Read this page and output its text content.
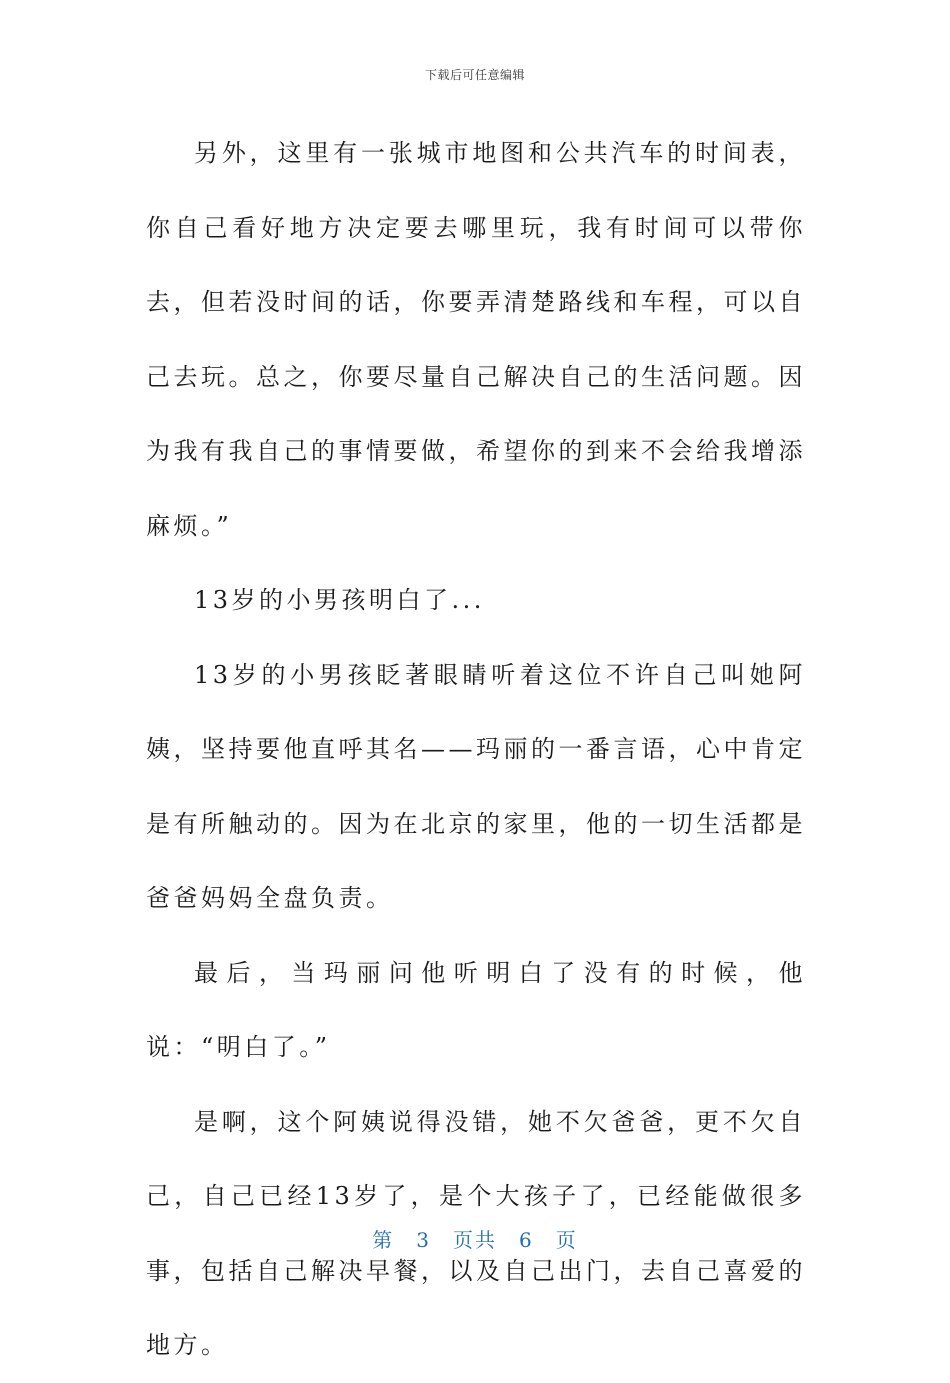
下载后可任意编辑

另外，这里有一张城市地图和公共汽车的时间表，你自己看好地方决定要去哪里玩，我有时间可以带你去，但若没时间的话，你要弄清楚路线和车程，可以自己去玩。总之，你要尽量自己解决自己的生活问题。因为我有我自己的事情要做，希望你的到来不会给我增添麻烦。”

13岁的小男孩明白了...

13岁的小男孩眨著眼睛听着这位不许自己叫她阿姨，坚持要他直呼其名——玛丽的一番言语，心中肯定是有所触动的。因为在北京的家里，他的一切生活都是爸爸妈妈全盘负责。

最后，当玛丽问他听明白了没有的时候，他说：“明白了。”

是啊，这个阿姨说得没错，她不欠爸爸，更不欠自己，自己已经13岁了，是个大孩子了，已经能做很多事，包括自己解决早餐，以及自己出门，去自己喜爱的地方。

第 3 页共 6 页
